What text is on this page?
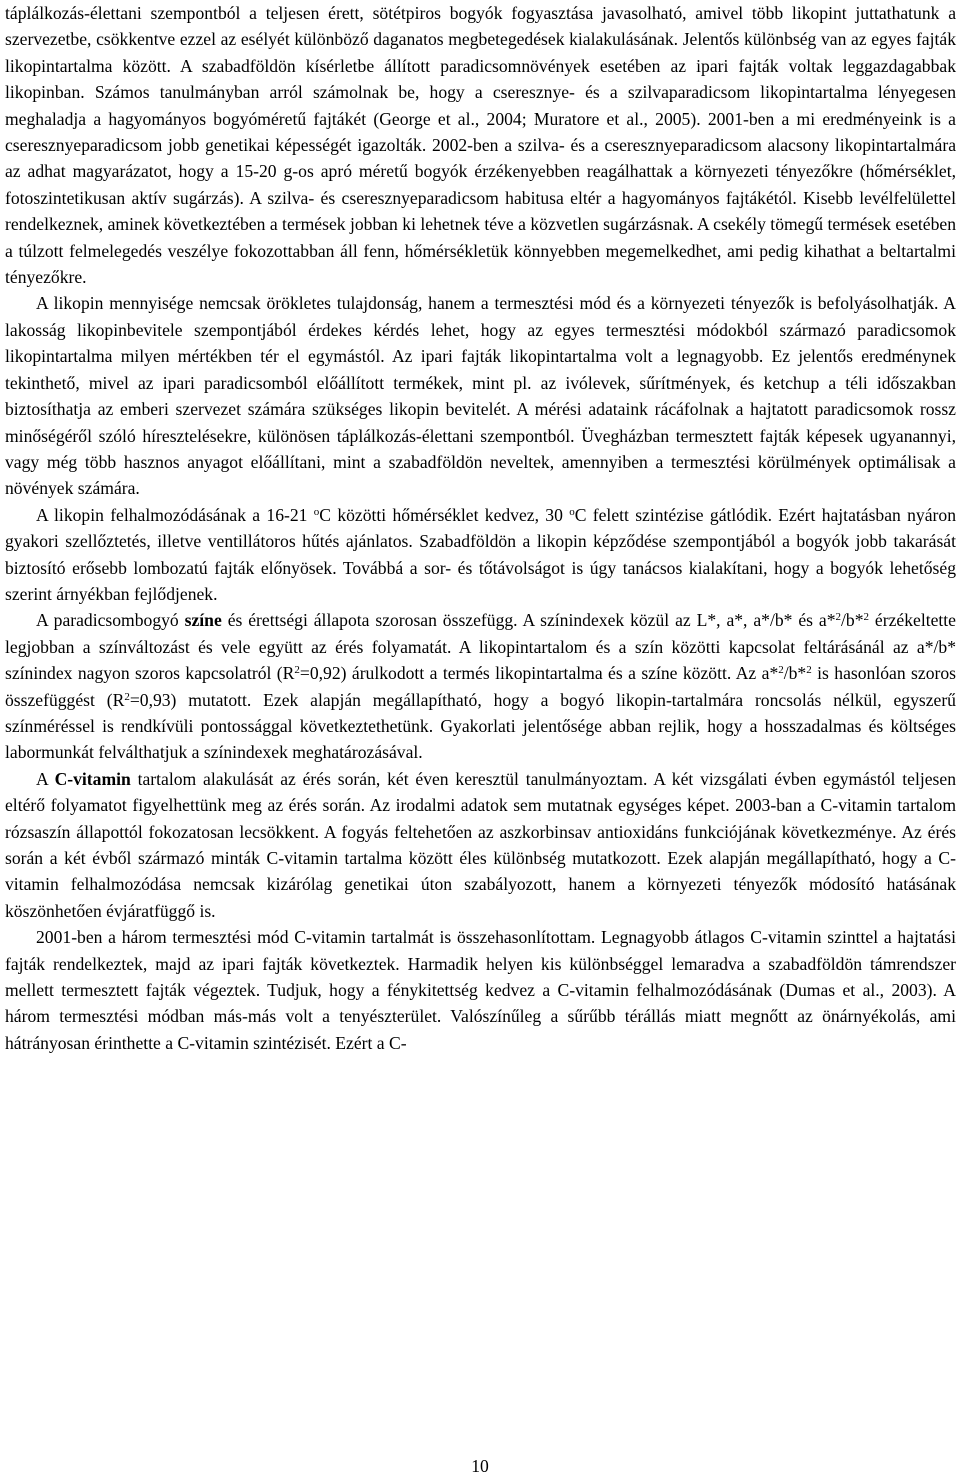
táplálkozás-élettani szempontból a teljesen érett, sötétpiros bogyók fogyasztása javasolható, amivel több likopint juttathatunk a szervezetbe, csökkentve ezzel az esélyét különböző daganatos megbetegedések kialakulásának. Jelentős különbség van az egyes fajták likopintartalma között. A szabadföldön kísérletbe állított paradicsomnövények esetében az ipari fajták voltak leggazdagabbak likopinban. Számos tanulmányban arról számolnak be, hogy a cseresznye- és a szilvaparadicsom likopintartalma lényegesen meghaladja a hagyományos bogyóméretű fajtákét (George et al., 2004; Muratore et al., 2005). 2001-ben a mi eredményeink is a cseresznyeparadicsom jobb genetikai képességét igazolták. 2002-ben a szilva- és a cseresznyeparadicsom alacsony likopintartalmára az adhat magyarázatot, hogy a 15-20 g-os apró méretű bogyók érzékenyebben reagálhattak a környezeti tényezőkre (hőmérséklet, fotoszintetikusan aktív sugárzás). A szilva- és cseresznyeparadicsom habitusa eltér a hagyományos fajtákétól. Kisebb levélfelülettel rendelkeznek, aminek következtében a termések jobban ki lehetnek téve a közvetlen sugárzásnak. A csekély tömegű termések esetében a túlzott felmelegedés veszélye fokozottabban áll fenn, hőmérsékletük könnyebben megemelkedhet, ami pedig kihathat a beltartalmi tényezőkre.

A likopin mennyisége nemcsak örökletes tulajdonság, hanem a termesztési mód és a környezeti tényezők is befolyásolhatják. A lakosság likopinbevitele szempontjából érdekes kérdés lehet, hogy az egyes termesztési módokból származó paradicsomok likopintartalma milyen mértékben tér el egymástól. Az ipari fajták likopintartalma volt a legnagyobb. Ez jelentős eredménynek tekinthető, mivel az ipari paradicsomból előállított termékek, mint pl. az ivólevek, sűrítmények, és ketchup a téli időszakban biztosíthatja az emberi szervezet számára szükséges likopin bevitelét. A mérési adataink rácáfolnak a hajtatott paradicsomok rossz minőségéről szóló híresztelésekre, különösen táplálkozás-élettani szempontból. Üvegházban termesztett fajták képesek ugyanannyi, vagy még több hasznos anyagot előállítani, mint a szabadföldön neveltek, amennyiben a termesztési körülmények optimálisak a növények számára.

A likopin felhalmozódásának a 16-21 $^o$C közötti hőmérséklet kedvez, 30 $^o$C felett szintézise gátlódik. Ezért hajtatásban nyáron gyakori szellőztetés, illetve ventillátoros hűtés ajánlatos. Szabadföldön a likopin képződése szempontjából a bogyók jobb takarását biztosító erősebb lombozatú fajták előnyösek. Továbbá a sor- és tőtávolságot is úgy tanácsos kialakítani, hogy a bogyók lehetőség szerint árnyékban fejlődjenek.

A paradicsombogyó színe és érettségi állapota szorosan összefügg. A színindexek közül az L*, a*, a*/b* és a*$^2$/b*$^2$ érzékeltette legjobban a színváltozást és vele együtt az érés folyamatát. A likopintartalom és a szín közötti kapcsolat feltárásánál az a*/b* színindex nagyon szoros kapcsolatról $(R^2=0,92)$ árulkodott a termés likopintartalma és a színe között. Az a*$^2$/b*$^2$ is hasonlóan szoros összefüggést $(R^2=0,93)$ mutatott. Ezek alapján megállapítható, hogy a bogyó likopin-tartalmára roncsolás nélkül, egyszerű színméréssel is rendkívüli pontossággal következtethetünk. Gyakorlati jelentősége abban rejlik, hogy a hosszadalmas és költséges labormunkát felválthatjuk a színindexek meghatározásával.

A C-vitamin tartalom alakulását az érés során, két éven keresztül tanulmányoztam. A két vizsgálati évben egymástól teljesen eltérő folyamatot figyelhettünk meg az érés során. Az irodalmi adatok sem mutatnak egységes képet. 2003-ban a C-vitamin tartalom rózsaszín állapottól fokozatosan lecsökkent. A fogyás feltehetően az aszkorbinsav antioxidáns funkciójának következménye. Az érés során a két évből származó minták C-vitamin tartalma között éles különbség mutatkozott. Ezek alapján megállapítható, hogy a C-vitamin felhalmozódása nemcsak kizárólag genetikai úton szabályozott, hanem a környezeti tényezők módosító hatásának köszönhetően évjáratfüggő is.

2001-ben a három termesztési mód C-vitamin tartalmát is összehasonlítottam. Legnagyobb átlagos C-vitamin szinttel a hajtatási fajták rendelkeztek, majd az ipari fajták következtek. Harmadik helyen kis különbséggel lemaradva a szabadföldön támrendszer mellett termesztett fajták végeztek. Tudjuk, hogy a fénykitettség kedvez a C-vitamin felhalmozódásának (Dumas et al., 2003). A három termesztési módban más-más volt a tenyészterület. Valószínűleg a sűrűbb térállás miatt megnőtt az önárnyékolás, ami hátrányosan érinthette a C-vitamin szintézisét. Ezért a C-

10
